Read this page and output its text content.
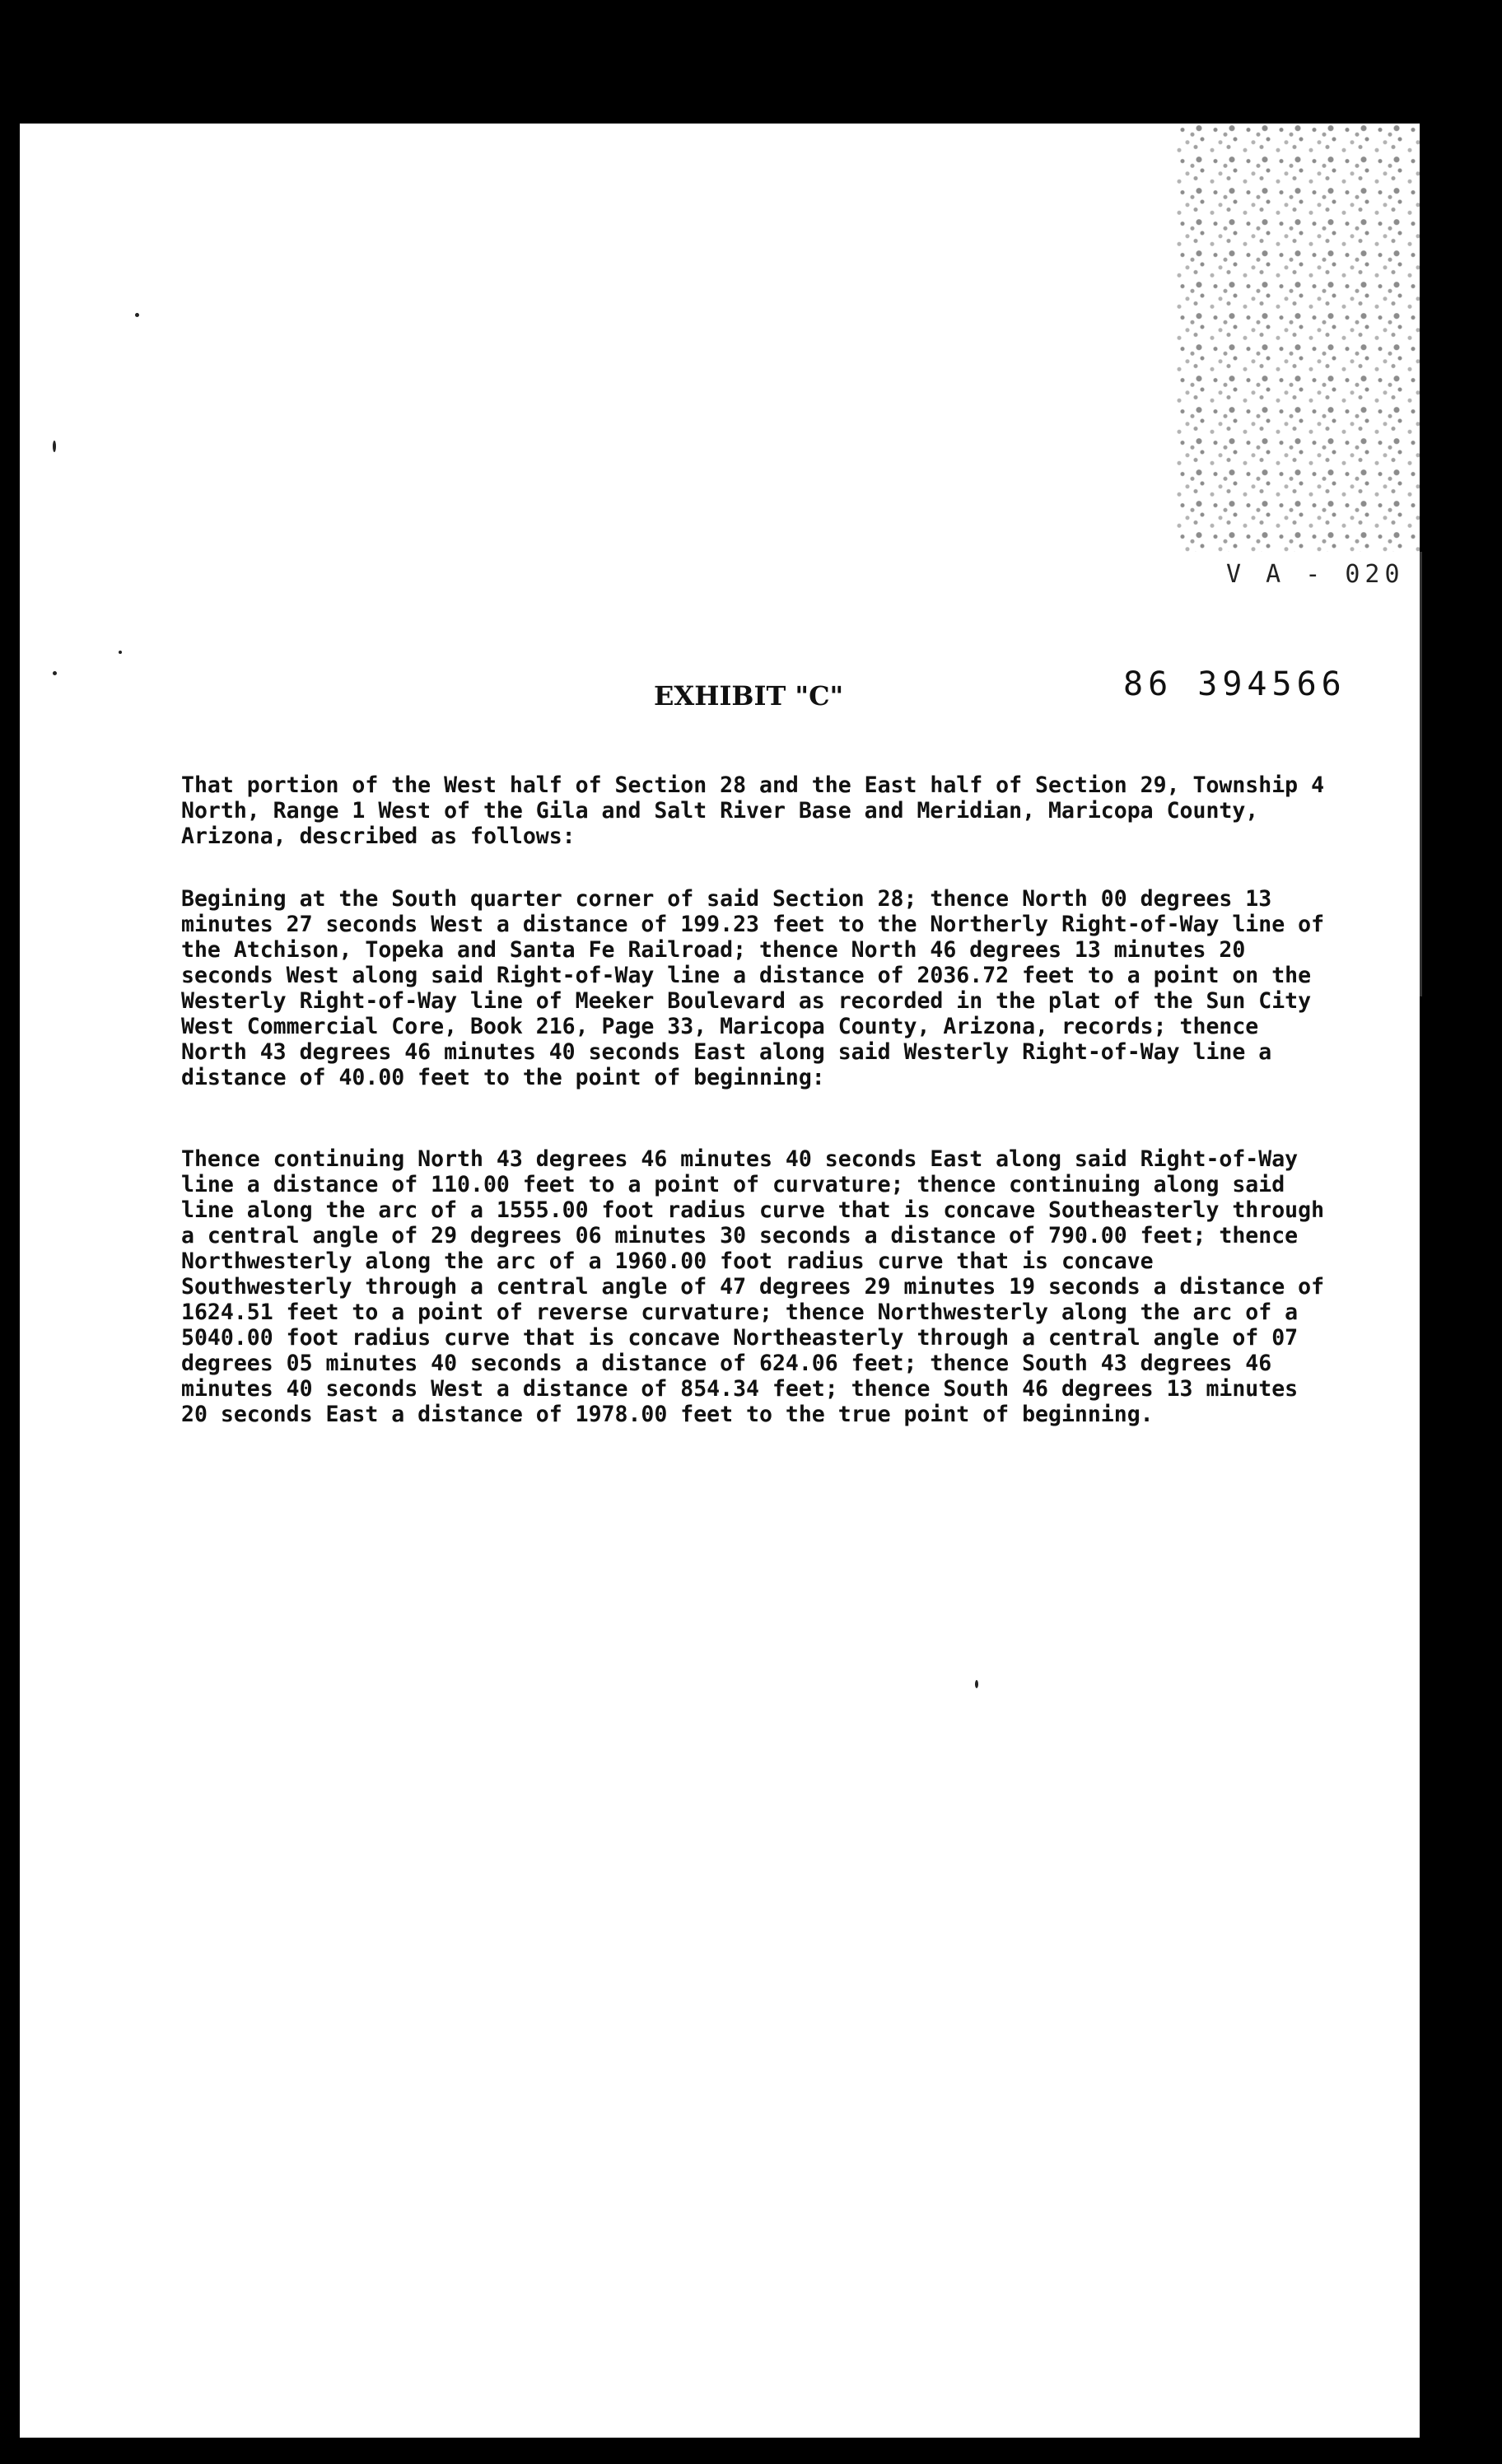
V A - 020
EXHIBIT "C"	86 394566

That portion of the West half of Section 28 and the East half of Section 29, Township 4 North, Range 1 West of the Gila and Salt River Base and Meridian, Maricopa County, Arizona, described as follows:

Begining at the South quarter corner of said Section 28; thence North 00 degrees 13 minutes 27 seconds West a distance of 199.23 feet to the Northerly Right-of-Way line of the Atchison, Topeka and Santa Fe Railroad; thence North 46 degrees 13 minutes 20 seconds West along said Right-of-Way line a distance of 2036.72 feet to a point on the Westerly Right-of-Way line of Meeker Boulevard as recorded in the plat of the Sun City West Commercial Core, Book 216, Page 33, Maricopa County, Arizona, records; thence North 43 degrees 46 minutes 40 seconds East along said Westerly Right-of-Way line a distance of 40.00 feet to the point of beginning:

Thence continuing North 43 degrees 46 minutes 40 seconds East along said Right-of-Way line a distance of 110.00 feet to a point of curvature; thence continuing along said line along the arc of a 1555.00 foot radius curve that is concave Southeasterly through a central angle of 29 degrees 06 minutes 30 seconds a distance of 790.00 feet; thence Northwesterly along the arc of a 1960.00 foot radius curve that is concave Southwesterly through a central angle of 47 degrees 29 minutes 19 seconds a distance of 1624.51 feet to a point of reverse curvature; thence Northwesterly along the arc of a 5040.00 foot radius curve that is concave Northeasterly through a central angle of 07 degrees 05 minutes 40 seconds a distance of 624.06 feet; thence South 43 degrees 46 minutes 40 seconds West a distance of 854.34 feet; thence South 46 degrees 13 minutes 20 seconds East a distance of 1978.00 feet to the true point of beginning.
